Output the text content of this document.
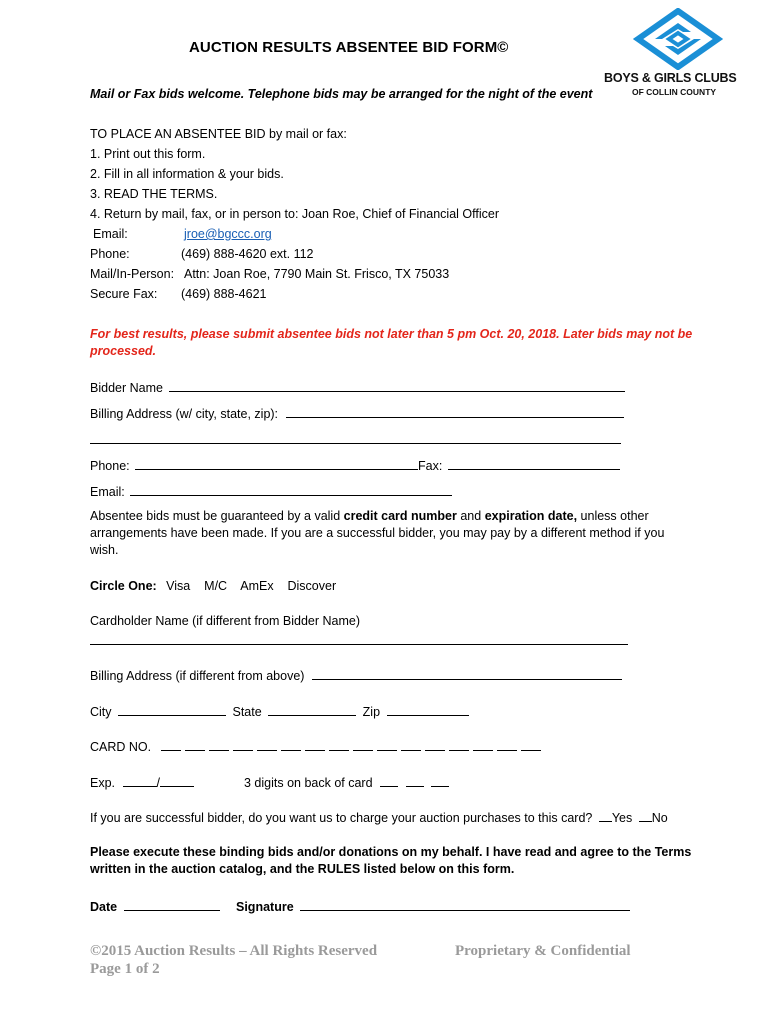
BOYS & GIRLS CLUBS
OF COLLIN COUNTY
AUCTION RESULTS ABSENTEE BID FORM©
Mail or Fax bids welcome. Telephone bids may be arranged for the night of the event
TO PLACE AN ABSENTEE BID by mail or fax:
1. Print out this form.
2. Fill in all information & your bids.
3. READ THE TERMS.
4. Return by mail, fax, or in person to: Joan Roe, Chief of Financial Officer
Email:	jroe@bgccc.org
Phone:	(469) 888-4620 ext. 112
Mail/In-Person: Attn: Joan Roe, 7790 Main St. Frisco, TX 75033
Secure Fax: (469) 888-4621
For best results, please submit absentee bids not later than 5 pm Oct. 20, 2018. Later bids may not be
processed.
Bidder Name
Billing Address (w/ city, state, zip):
Phone:	Fax:
Email:
Absentee bids must be guaranteed by a valid credit card number and expiration date, unless other
arrangements have been made. If you are a successful bidder, you may pay by a different method if you
wish.
Circle One: Visa    M/C    AmEx    Discover
Cardholder Name (if different from Bidder Name)
Billing Address (if different from above)
City	State	Zip
CARD NO.
Exp.	/	3 digits on back of card
If you are successful bidder, do you want us to charge your auction purchases to this card? Yes No
Please execute these binding bids and/or donations on my behalf. I have read and agree to the Terms
written in the auction catalog, and the RULES listed below on this form.
Date	Signature
©2015 Auction Results – All Rights Reserved
Page 1 of 2
Proprietary & Confidential
